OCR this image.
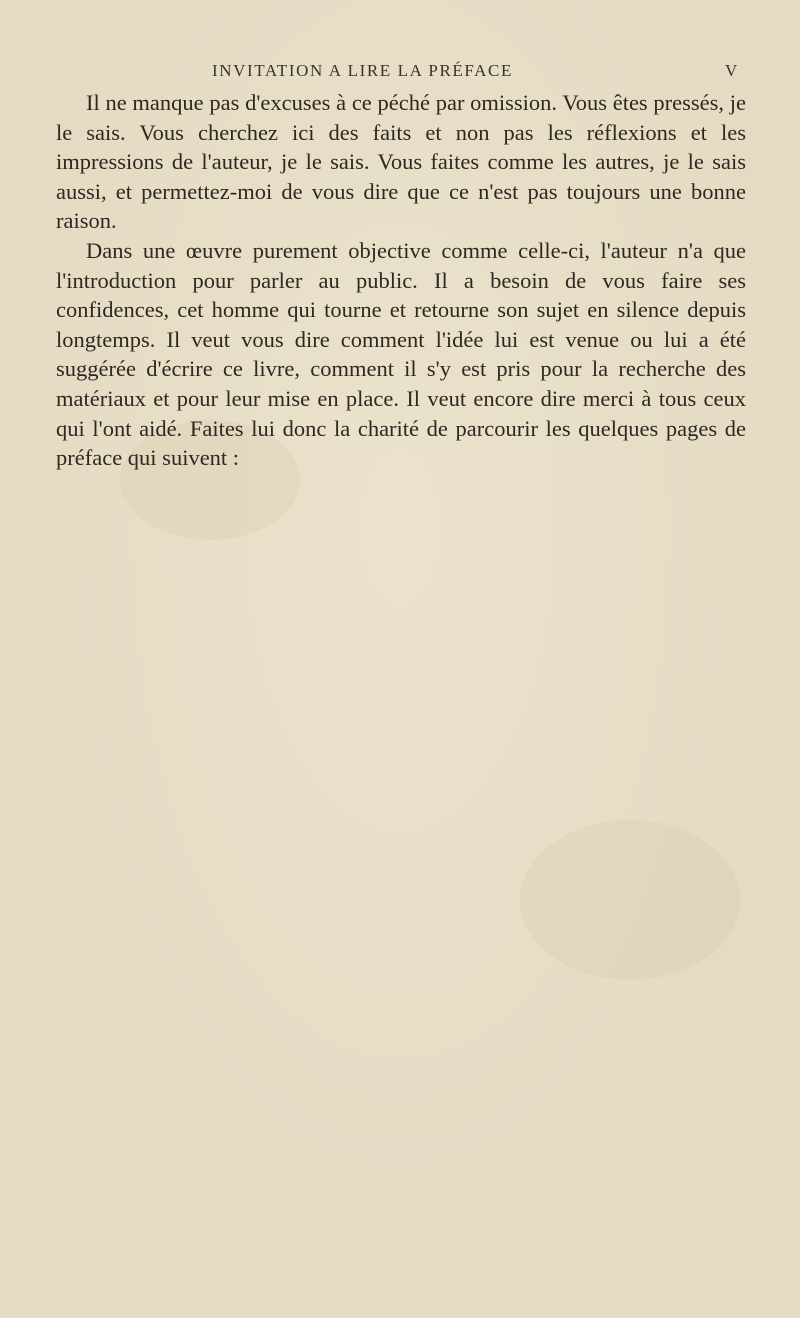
INVITATION A LIRE LA PRÉFACE	V

Il ne manque pas d'excuses à ce péché par omission. Vous êtes pressés, je le sais. Vous cherchez ici des faits et non pas les réflexions et les impressions de l'auteur, je le sais. Vous faites comme les autres, je le sais aussi, et permettez-moi de vous dire que ce n'est pas toujours une bonne raison.

Dans une œuvre purement objective comme celle-ci, l'auteur n'a que l'introduction pour parler au public. Il a besoin de vous faire ses confidences, cet homme qui tourne et retourne son sujet en silence depuis longtemps. Il veut vous dire comment l'idée lui est venue ou lui a été suggérée d'écrire ce livre, comment il s'y est pris pour la recherche des matériaux et pour leur mise en place. Il veut encore dire merci à tous ceux qui l'ont aidé. Faites lui donc la charité de parcourir les quelques pages de préface qui suivent :
